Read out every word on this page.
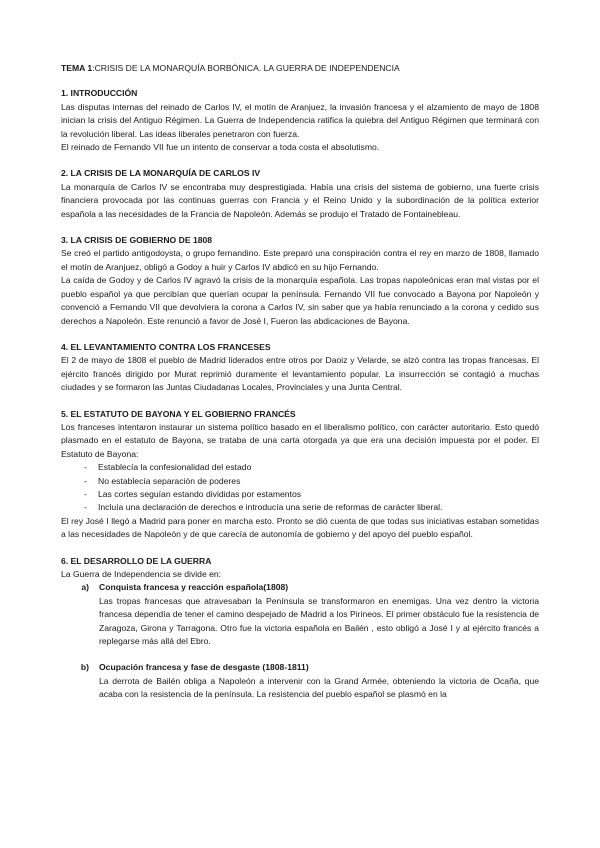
TEMA 1:CRISIS DE LA MONARQUÍA BORBÓNICA. LA GUERRA DE INDEPENDENCIA

1. INTRODUCCIÓN

Las disputas internas del reinado de Carlos IV, el motín de Aranjuez, la invasión francesa y el alzamiento de mayo de 1808 inician la crisis del Antiguo Régimen. La Guerra de Independencia ratifica la quiebra del Antiguo Régimen que terminará con la revolución liberal. Las ideas liberales penetraron con fuerza.

El reinado de Fernando VII fue un intento de conservar a toda costa el absolutismo.

2. LA CRISIS DE LA MONARQUÍA DE CARLOS IV

La monarquía de Carlos IV se encontraba muy desprestigiada. Había una crisis del sistema de gobierno, una fuerte crisis financiera provocada por las continuas guerras con Francia y el Reino Unido y la subordinación de la política exterior española a las necesidades de la Francia de Napoleón. Además se produjo el Tratado de Fontainebleau.

3. LA CRISIS DE GOBIERNO DE 1808

Se creó el partido antigodoysta, o grupo fernandino. Este preparó una conspiración contra el rey en marzo de 1808, llamado el motín de Aranjuez, obligó a Godoy a huir y Carlos IV abdicó en su hijo Fernando.

La caída de Godoy y de Carlos IV agravó la crisis de la monarquía española. Las tropas napoleónicas eran mal vistas por el pueblo español ya que percibían que querían ocupar la península. Fernando VII fue convocado a Bayona por Napoleón y convenció a Fernando VII que devolviera la corona a Carlos IV, sin saber que ya había renunciado a la corona y cedido sus derechos a Napoleón. Este renunció a favor de José I, Fueron las abdicaciones de Bayona.

4. EL LEVANTAMIENTO CONTRA LOS FRANCESES

El 2 de mayo de 1808 el pueblo de Madrid liderados entre otros por Daoiz y Velarde, se alzó contra las tropas francesas. El ejército francés dirigido por Murat reprimió duramente el levantamiento popular. La insurrección se contagió a muchas ciudades y se formaron las Juntas Ciudadanas Locales, Provinciales y una Junta Central.

5. EL ESTATUTO DE BAYONA Y EL GOBIERNO FRANCÉS

Los franceses intentaron instaurar un sistema político basado en el liberalismo político, con carácter autoritario. Esto quedó plasmado en el estatuto de Bayona, se trataba de una carta otorgada ya que era una decisión impuesta por el poder. El Estatuto de Bayona:

- Establecía la confesionalidad del estado
- No establecía separación de poderes
- Las cortes seguían estando divididas por estamentos
- Incluía una declaración de derechos e introducía una serie de reformas de carácter liberal.

El rey José I llegó a Madrid para poner en marcha esto. Pronto se dió cuenta de que todas sus iniciativas estaban sometidas a las necesidades de Napoleón y de que carecía de autonomía de gobierno y del apoyo del pueblo español.

6. EL DESARROLLO DE LA GUERRA

La Guerra de Independencia se divide en:

a)	Conquista francesa y reacción española(1808)

Las tropas francesas que atravesaban la Península se transformaron en enemigas. Una vez dentro la victoria francesa dependía de tener el camino despejado de Madrid a los Pirineos. El primer obstáculo fue la resistencia de Zaragoza, Girona y Tarragona. Otro fue la victoria española en Bailén , esto obligó a José I y al ejército francés a replegarse más allá del Ebro.

b)	Ocupación francesa y fase de desgaste (1808-1811)

La derrota de Bailén obliga a Napoleón a intervenir con la Grand Armée, obteniendo la victoria de Ocaña, que acaba con la resistencia de la península. La resistencia del pueblo español se plasmó en la
